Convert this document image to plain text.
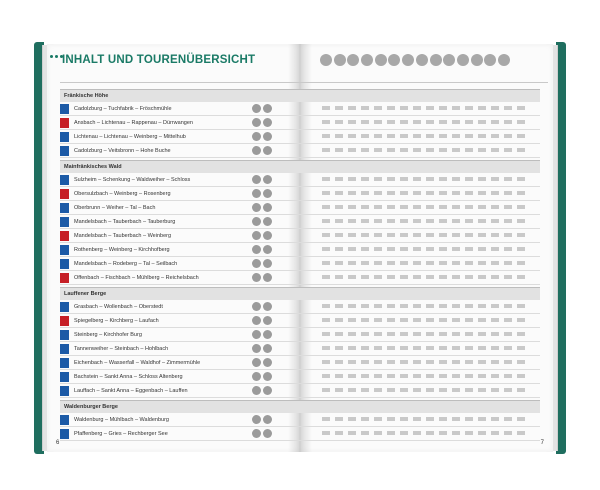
INHALT UND TOURENÜBERSICHT
Fränkische Höhe
Cadolzburg – Tuchfabrik – Fröschmühle
Ansbach – Lichtenau – Rappenau – Dürrwangen
Lichtenau – Lichtenau – Weinberg – Mittelhub
Cadolzburg – Veitsbronn – Hohe Buche
Mainfränkisches Wald
Sulzheim – Schenkung – Waldweiher – Schloss
Obersulzbach – Weinberg – Rosenberg
Oberbrunn – Weiher – Tal – Bach
Mandelsbach – Tauberbach – Tauberburg
Mandelsbach – Tauberbach – Weinberg
Rothenberg – Weinberg – Kirchhofberg
Mandelsbach – Rodeberg – Tal – Seilbach
Offenbach – Fischbach – Mühlberg – Reichelsbach
Lauffener Berge
Grasbach – Wollenbach – Oberstedt
Spiegelberg – Kirchberg – Laufach
Steinberg – Kirchhofer Burg
Tannenweiher – Steinbach – Hohlbach
Eichenbach – Wasserfall – Waldhof – Zimmermühle
Bachstein – Sankt Anna – Schloss Altenberg
Lauffach – Sankt Anna – Eggenbach – Lauffen
Waldenburger Berge
Waldenburg – Mühlbach – Waldenburg
Pfaffenberg – Gries – Rechberger See
6	7
